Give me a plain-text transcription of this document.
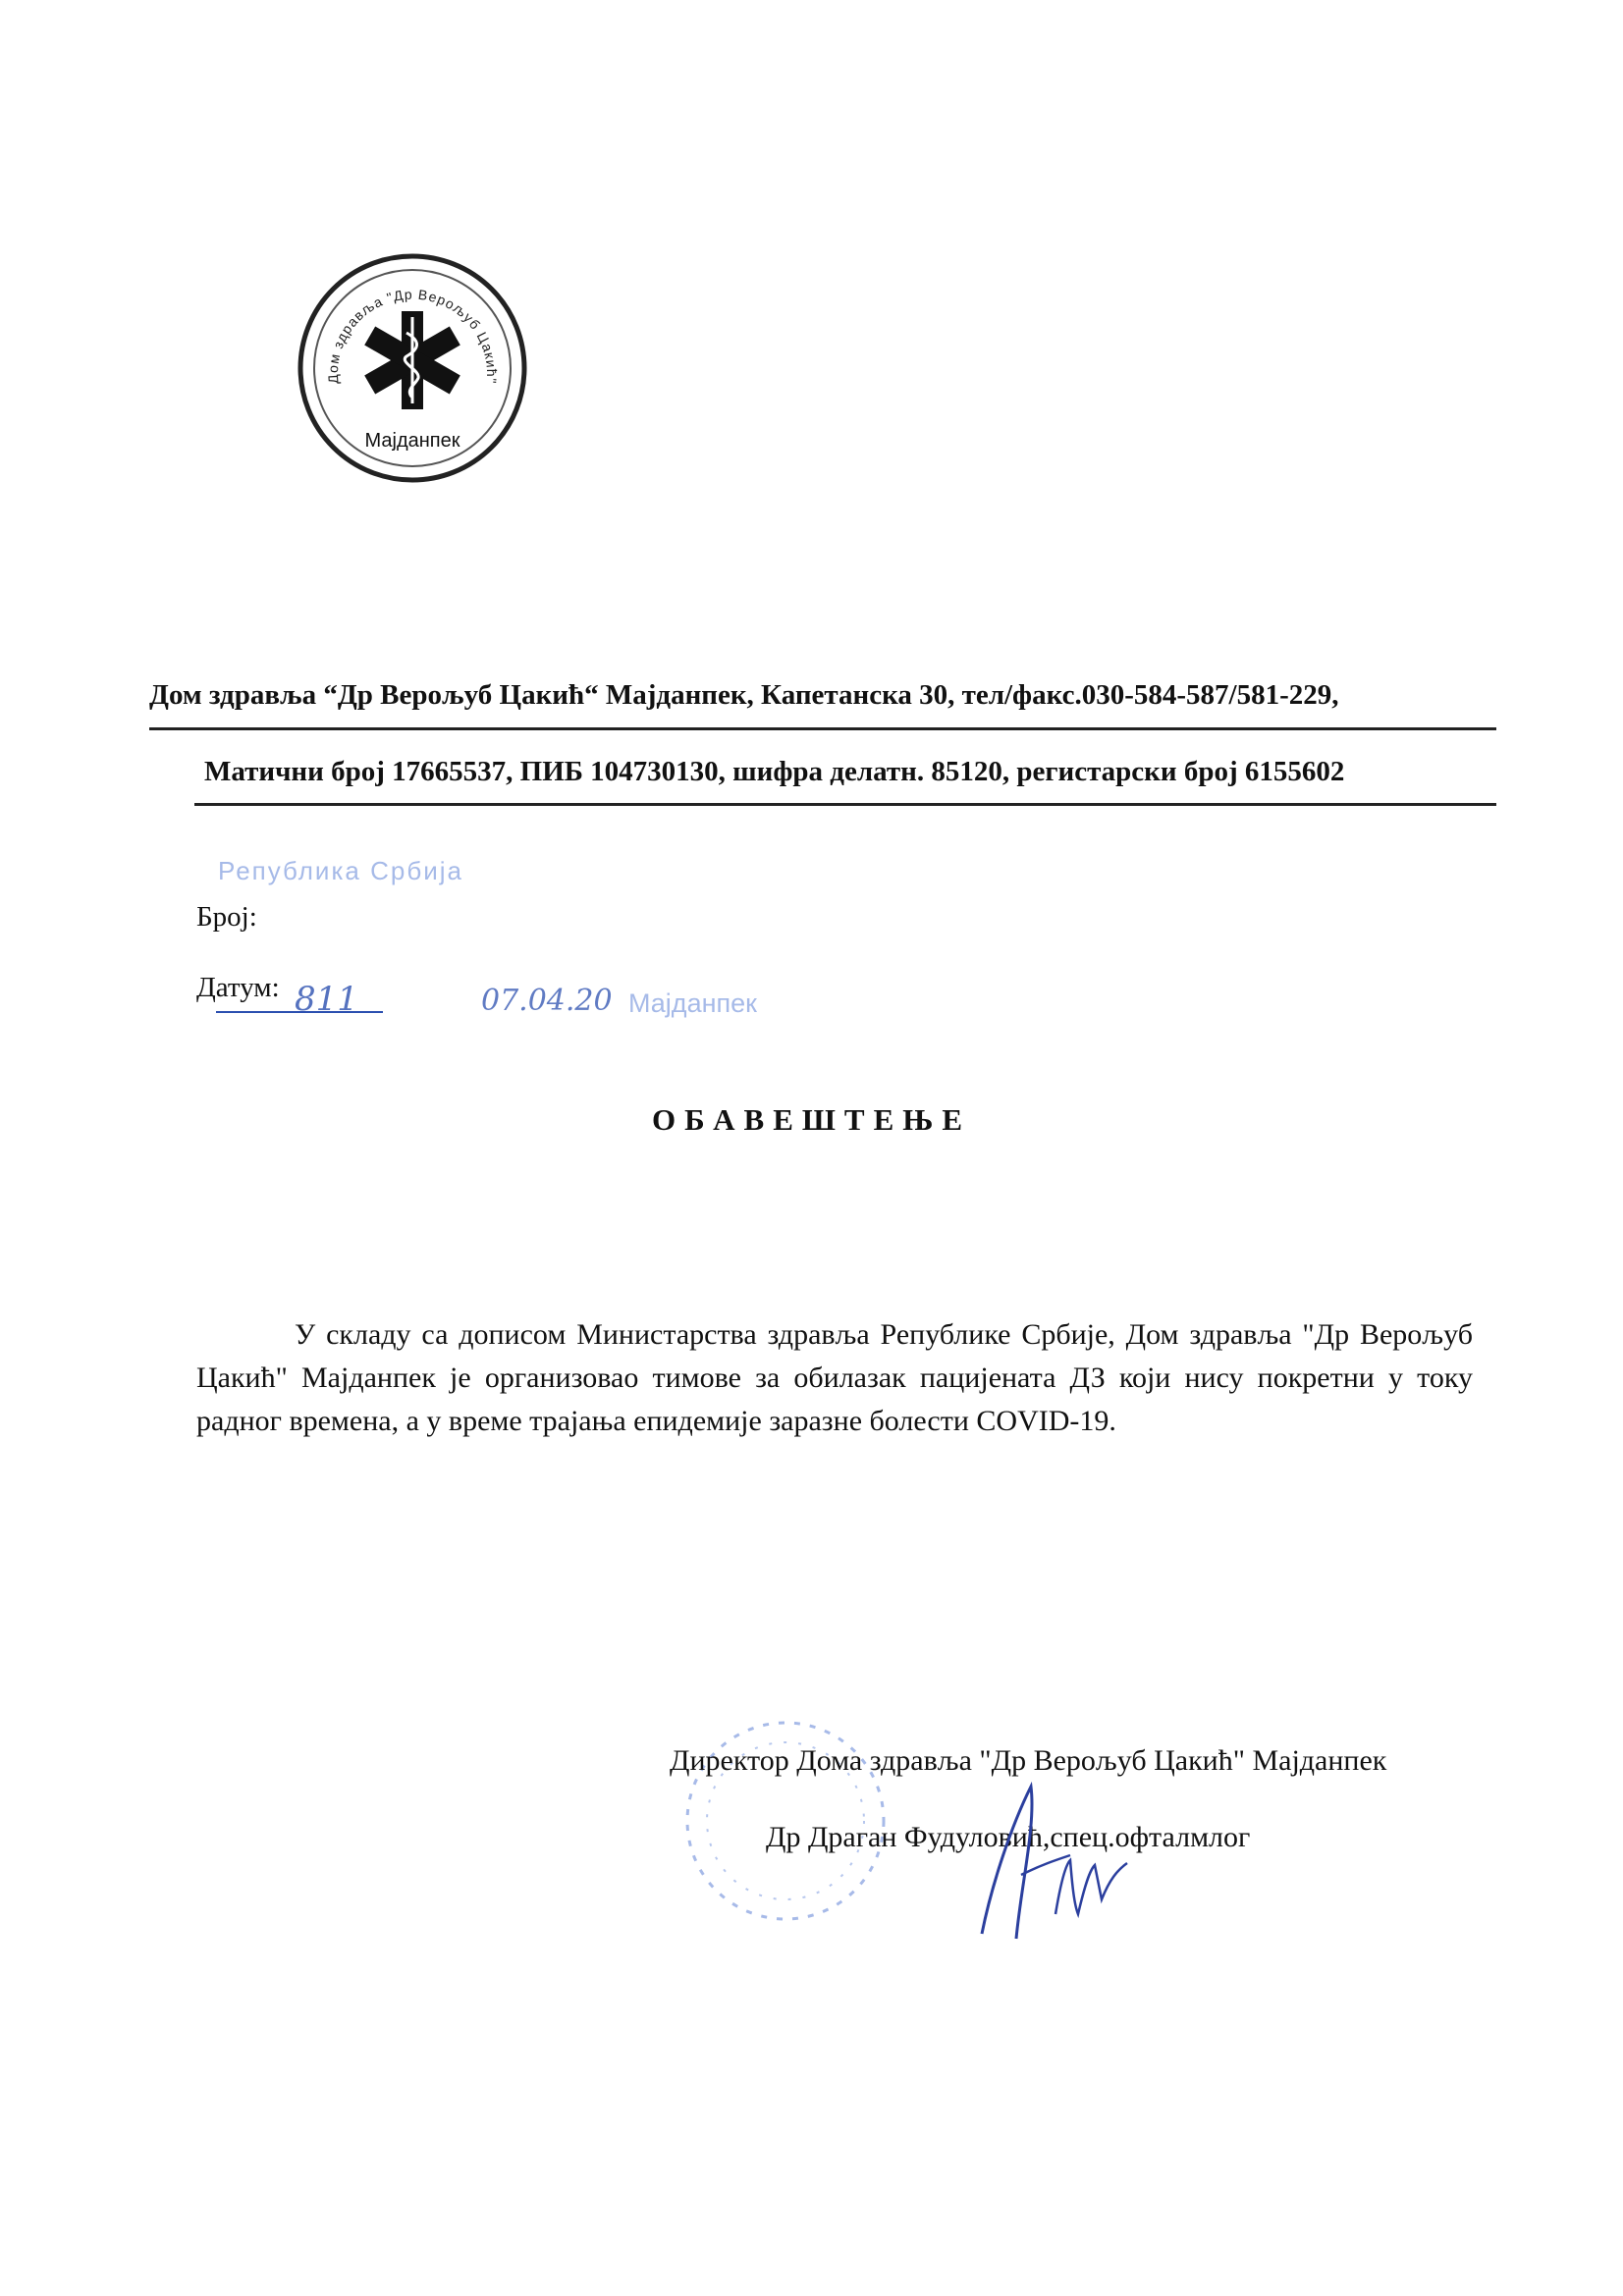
Дом здравља "Др Верољуб Цакић"
Мајданпек
Дом здравља “Др Верољуб Цакић“ Мајданпек, Капетанска 30, тел/факс.030-584-587/581-229,
Матични број 17665537, ПИБ 104730130, шифра делатн. 85120, регистарски број 6155602
Република Србија
Број:
Датум: 811	07.04.20 Мајданпек
ОБАВЕШТЕЊЕ
У складу са дописом Министарства здравља Републике Србије, Дом здравља "Др Верољуб Цакић" Мајданпек је организовао тимове за обилазак пацијената ДЗ који нису покретни у току радног времена, а у време трајања епидемије заразне болести COVID-19.
Директор Дома здравља "Др Верољуб Цакић" Мајданпек
Др Драган Фудуловић,спец.офталмлог
